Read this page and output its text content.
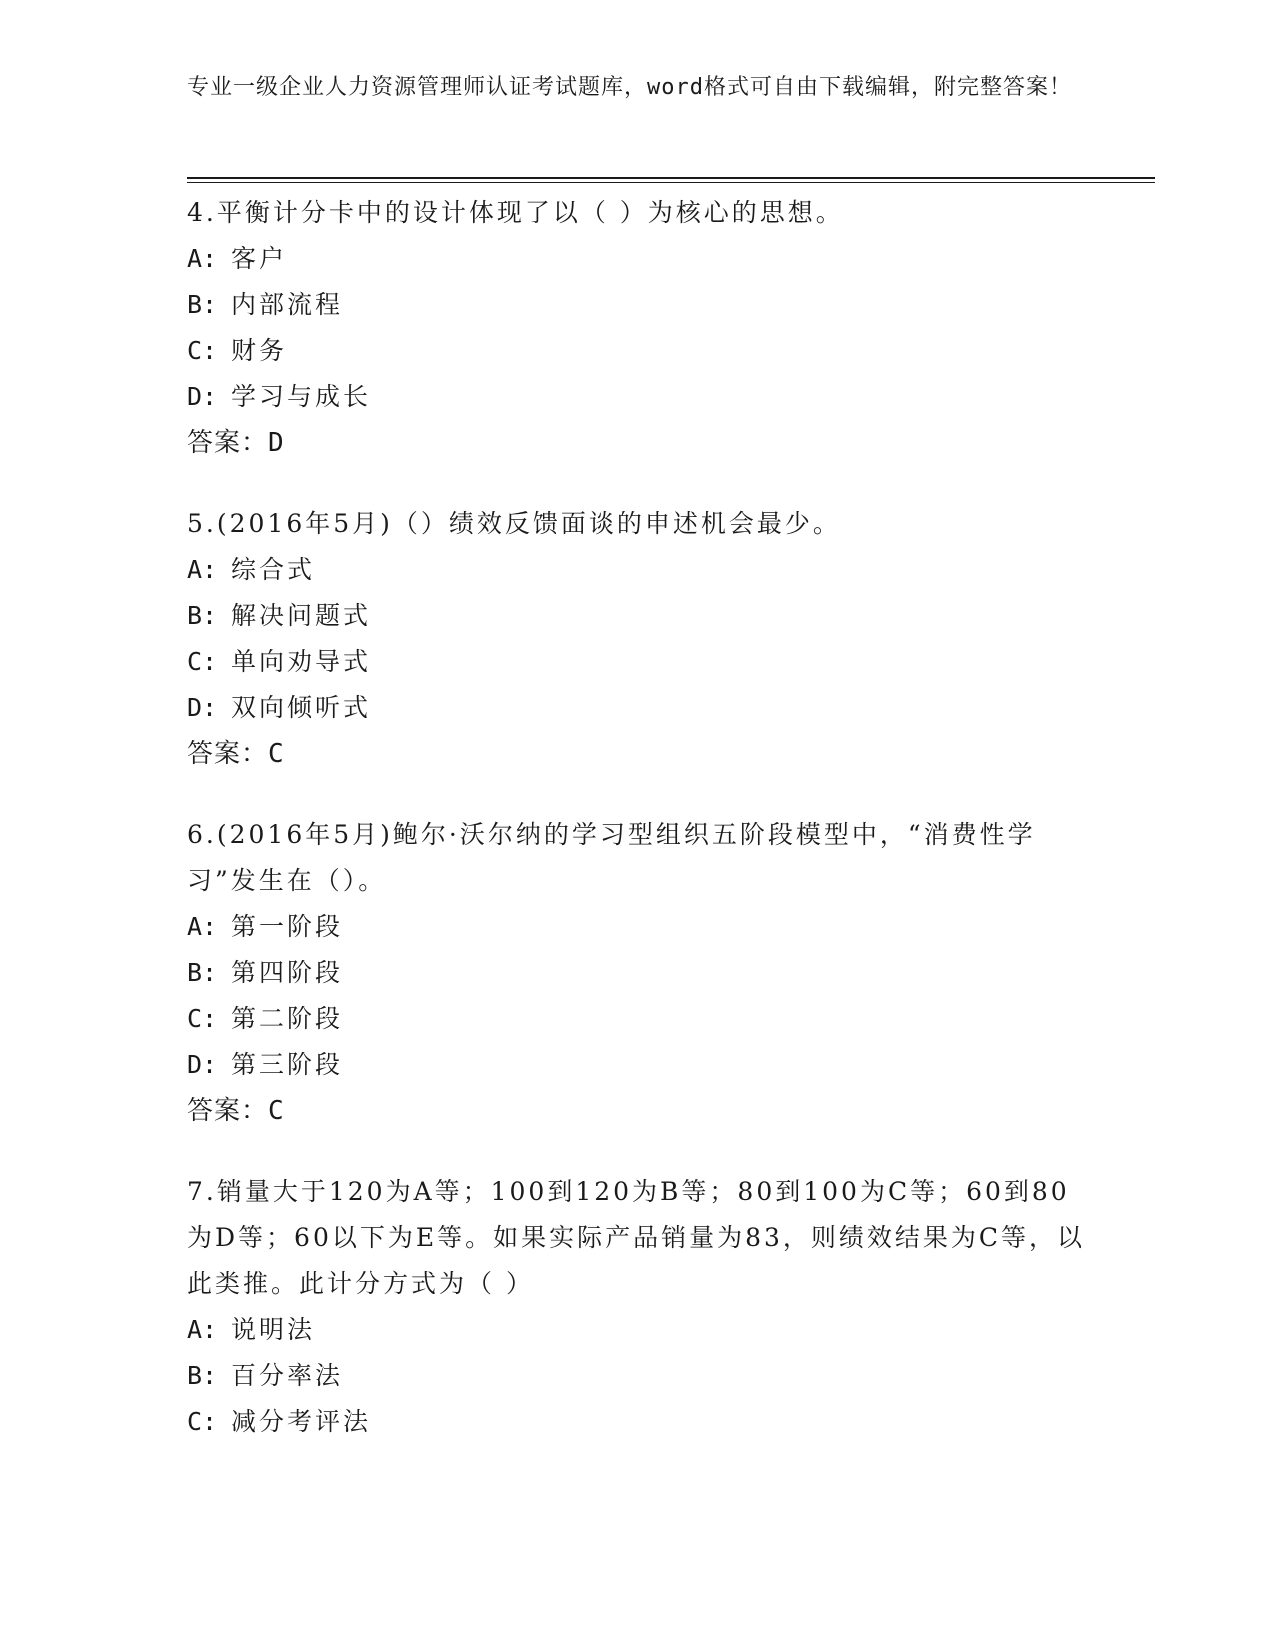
专业一级企业人力资源管理师认证考试题库，word格式可自由下载编辑，附完整答案！

4.平衡计分卡中的设计体现了以（ ）为核心的思想。

A: 客户

B: 内部流程

C: 财务

D: 学习与成长

答案：D

5.(2016年5月)（）绩效反馈面谈的申述机会最少。

A: 综合式

B: 解决问题式

C: 单向劝导式

D: 双向倾听式

答案：C

6.(2016年5月)鲍尔·沃尔纳的学习型组织五阶段模型中，“消费性学习”发生在（）。

A: 第一阶段

B: 第四阶段

C: 第二阶段

D: 第三阶段

答案：C

7.销量大于120为A等；100到120为B等；80到100为C等；60到80为D等；60以下为E等。如果实际产品销量为83，则绩效结果为C等，以此类推。此计分方式为（ ）

A: 说明法

B: 百分率法

C: 减分考评法
